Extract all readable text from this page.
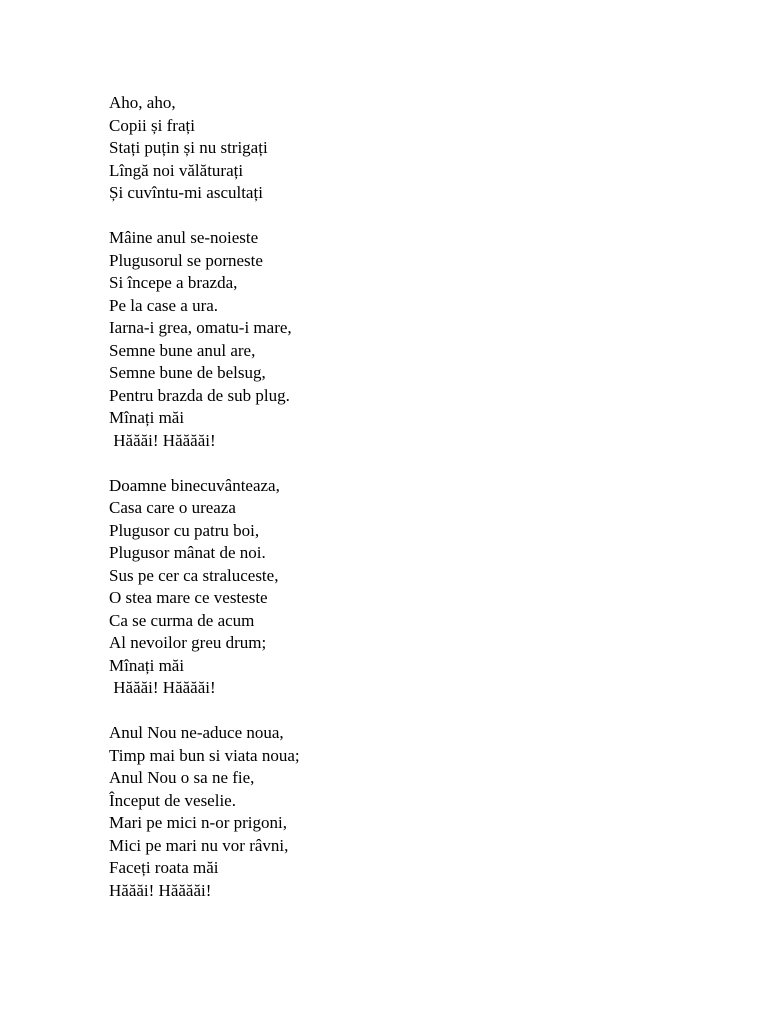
Aho, aho,
Copii și frați
Stați puțin și nu strigați
Lîngă noi vălăturați
Și cuvîntu-mi ascultați
Mâine anul se-noieste
Plugusorul se porneste
Si începe a brazda,
Pe la case a ura.
Iarna-i grea, omatu-i mare,
Semne bune anul are,
Semne bune de belsug,
Pentru brazda de sub plug.
Mînați măi
Hăăăi! Hăăăăi!
Doamne binecuvânteaza,
Casa care o ureaza
Plugusor cu patru boi,
Plugusor mânat de noi.
Sus pe cer ca straluceste,
O stea mare ce vesteste
Ca se curma de acum
Al nevoilor greu drum;
Mînați măi
Hăăăi! Hăăăăi!
Anul Nou ne-aduce noua,
Timp mai bun si viata noua;
Anul Nou o sa ne fie,
Început de veselie.
Mari pe mici n-or prigoni,
Mici pe mari nu vor râvni,
Faceți roata măi
Hăăăi! Hăăăăi!
